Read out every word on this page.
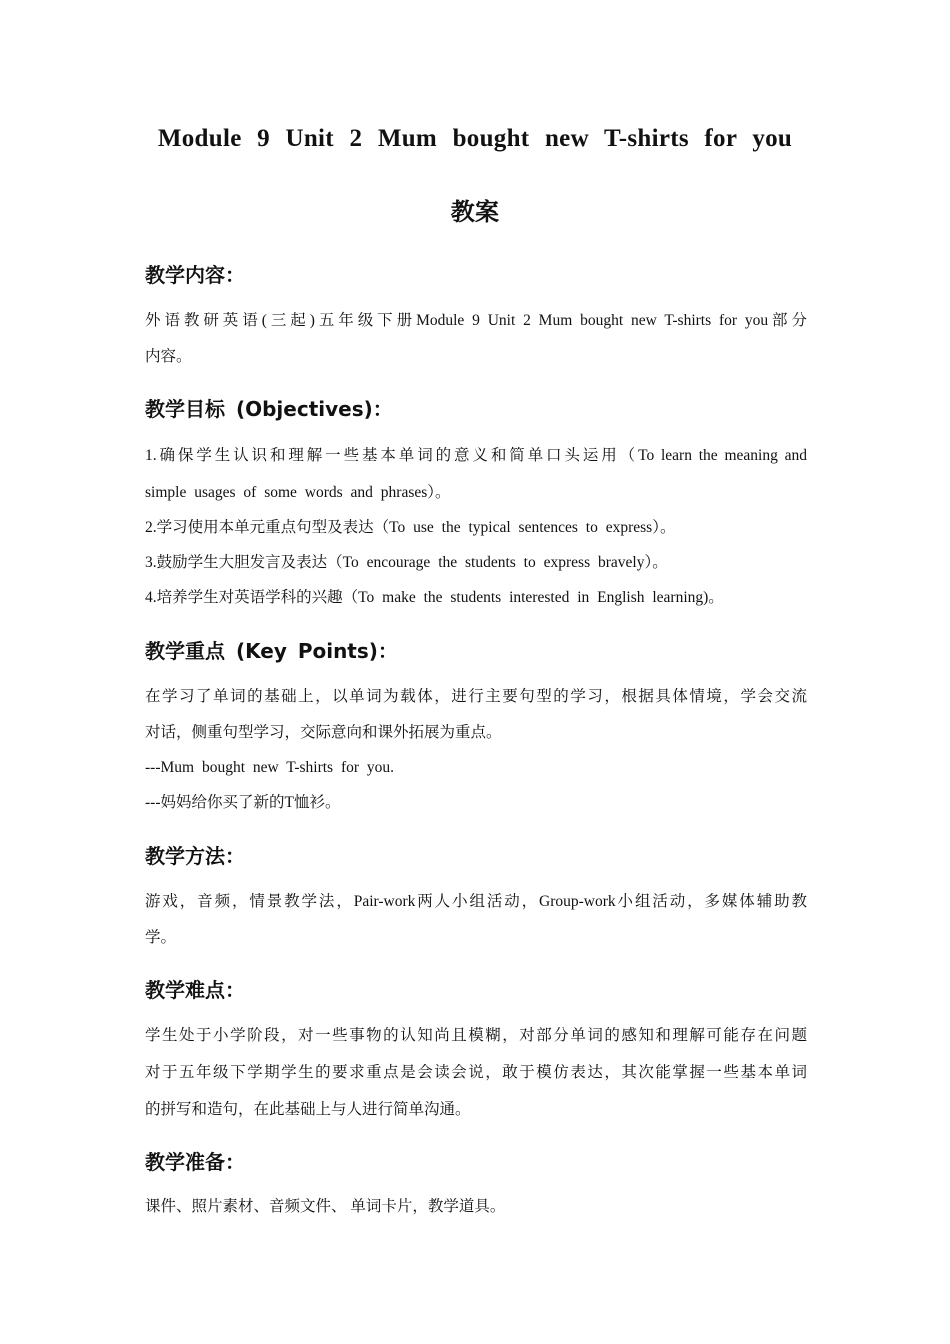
Module 9 Unit 2 Mum bought new T-shirts for you
教案
教学内容：
外语教研英语(三起)五年级下册Module 9 Unit 2 Mum bought new T-shirts for you部分
内容。
教学目标 (Objectives)：
1.确保学生认识和理解一些基本单词的意义和简单口头运用（To learn the meaning and
simple usages of some words and phrases）。
2.学习使用本单元重点句型及表达（To use the typical sentences to express）。
3.鼓励学生大胆发言及表达（To encourage the students to express bravely）。
4.培养学生对英语学科的兴趣（To make the students interested in English learning)。
教学重点 (Key Points)：
在学习了单词的基础上，以单词为载体，进行主要句型的学习，根据具体情境，学会交流
对话，侧重句型学习，交际意向和课外拓展为重点。
---Mum bought new T-shirts for you.
---妈妈给你买了新的T恤衫。
教学方法：
游戏，音频，情景教学法，Pair-work两人小组活动，Group-work小组活动，多媒体辅助教
学。
教学难点：
学生处于小学阶段，对一些事物的认知尚且模糊，对部分单词的感知和理解可能存在问题
对于五年级下学期学生的要求重点是会读会说，敢于模仿表达，其次能掌握一些基本单词
的拼写和造句，在此基础上与人进行简单沟通。
教学准备：
课件、照片素材、音频文件、 单词卡片，教学道具。
